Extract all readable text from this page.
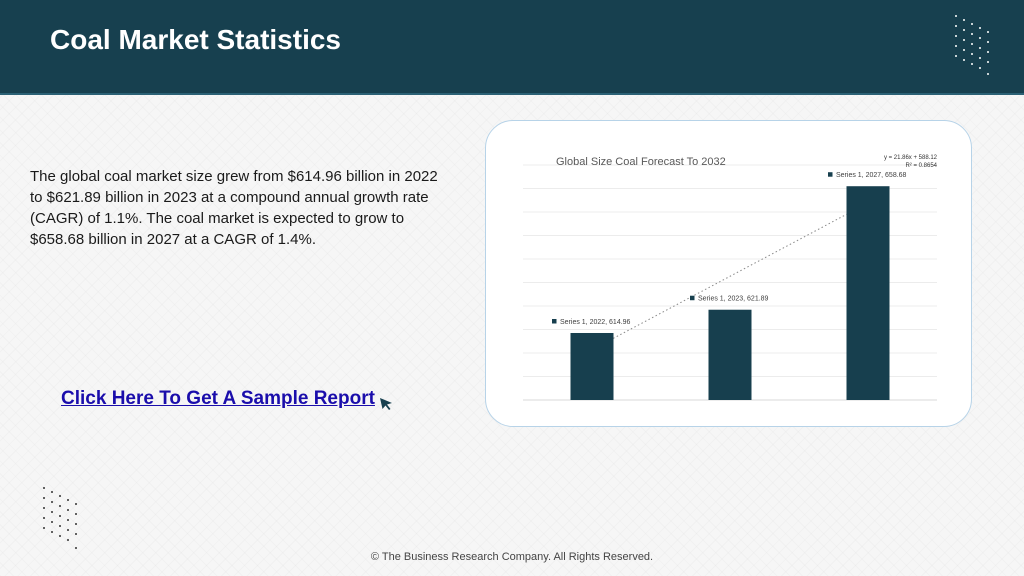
Coal Market Statistics
The global coal market size grew from $614.96 billion in 2022 to $621.89 billion in 2023 at a compound annual growth rate (CAGR) of 1.1%. The coal market is expected to grow to $658.68 billion in 2027 at a CAGR of 1.4%.
Click Here To Get A Sample Report
Series 1, 2022, 614.96
Series 1, 2023, 621.89
Series 1, 2027, 658.68
Global Size Coal Forecast To 2032	y = 21.86x + 588.12
R² = 0.8654
© The Business Research Company. All Rights Reserved.
